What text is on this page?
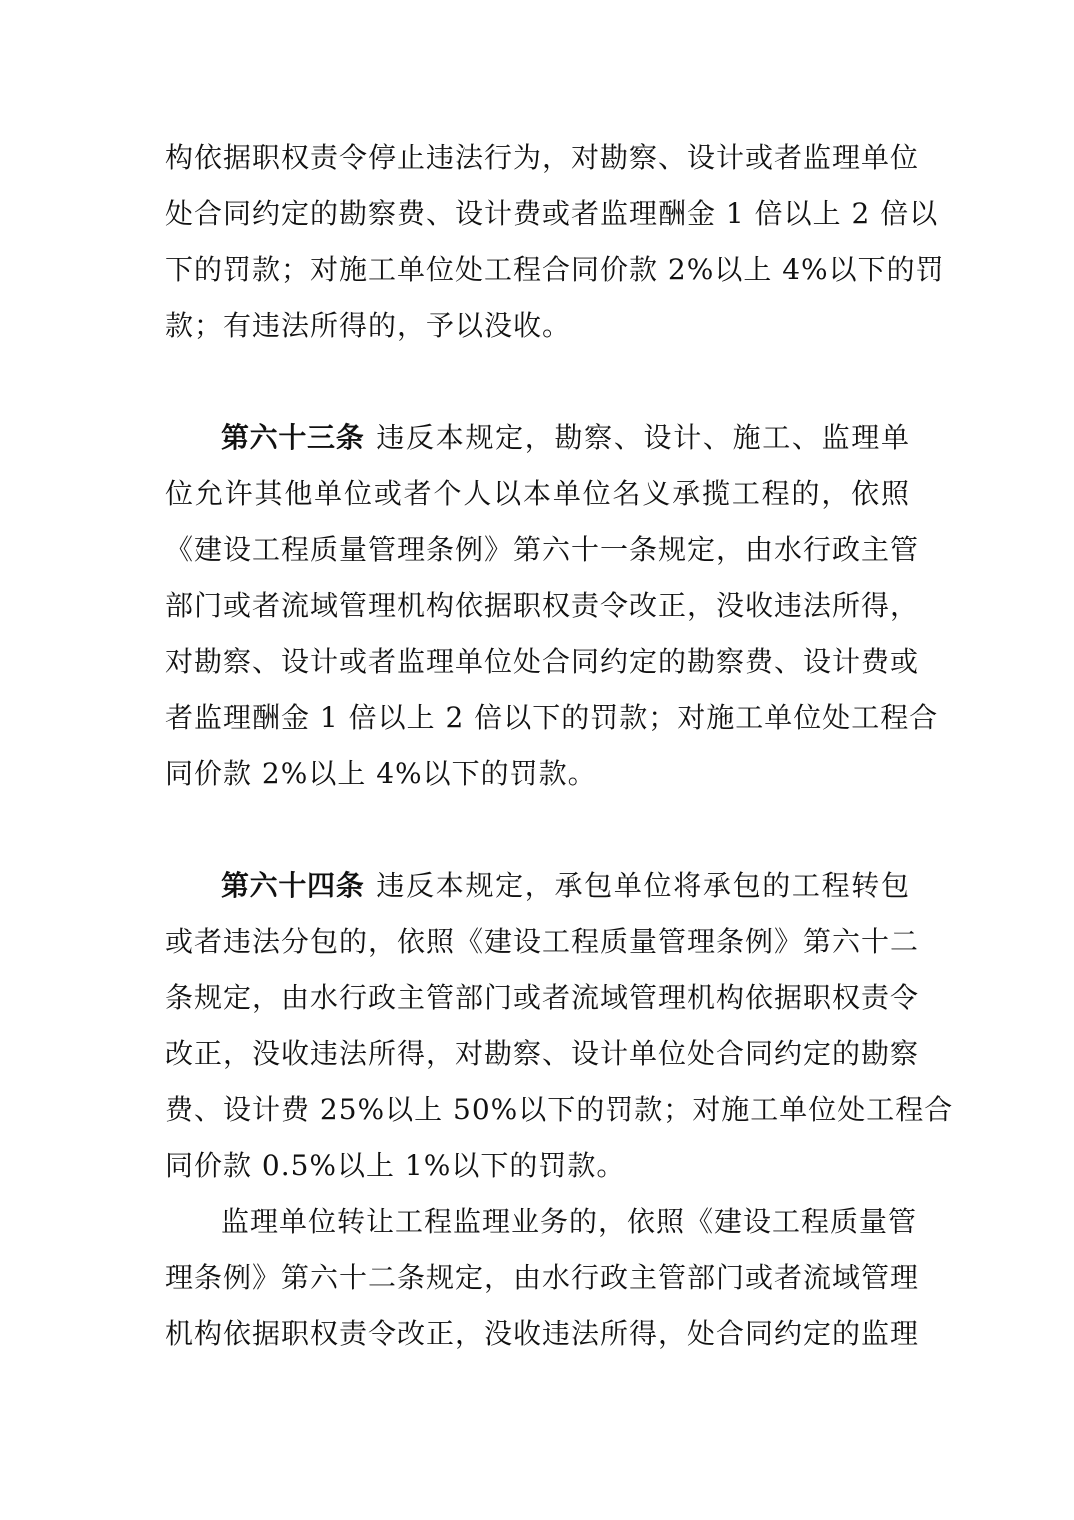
构依据职权责令停止违法行为，对勘察、设计或者监理单位
处合同约定的勘察费、设计费或者监理酬金 1 倍以上 2 倍以
下的罚款；对施工单位处工程合同价款 2%以上 4%以下的罚
款；有违法所得的，予以没收。
第六十三条 违反本规定，勘察、设计、施工、监理单
位允许其他单位或者个人以本单位名义承揽工程的，依照
《建设工程质量管理条例》第六十一条规定，由水行政主管
部门或者流域管理机构依据职权责令改正，没收违法所得，
对勘察、设计或者监理单位处合同约定的勘察费、设计费或
者监理酬金 1 倍以上 2 倍以下的罚款；对施工单位处工程合
同价款 2%以上 4%以下的罚款。
第六十四条 违反本规定，承包单位将承包的工程转包
或者违法分包的，依照《建设工程质量管理条例》第六十二
条规定，由水行政主管部门或者流域管理机构依据职权责令
改正，没收违法所得，对勘察、设计单位处合同约定的勘察
费、设计费 25%以上 50%以下的罚款；对施工单位处工程合
同价款 0.5%以上 1%以下的罚款。
监理单位转让工程监理业务的，依照《建设工程质量管
理条例》第六十二条规定，由水行政主管部门或者流域管理
机构依据职权责令改正，没收违法所得，处合同约定的监理
